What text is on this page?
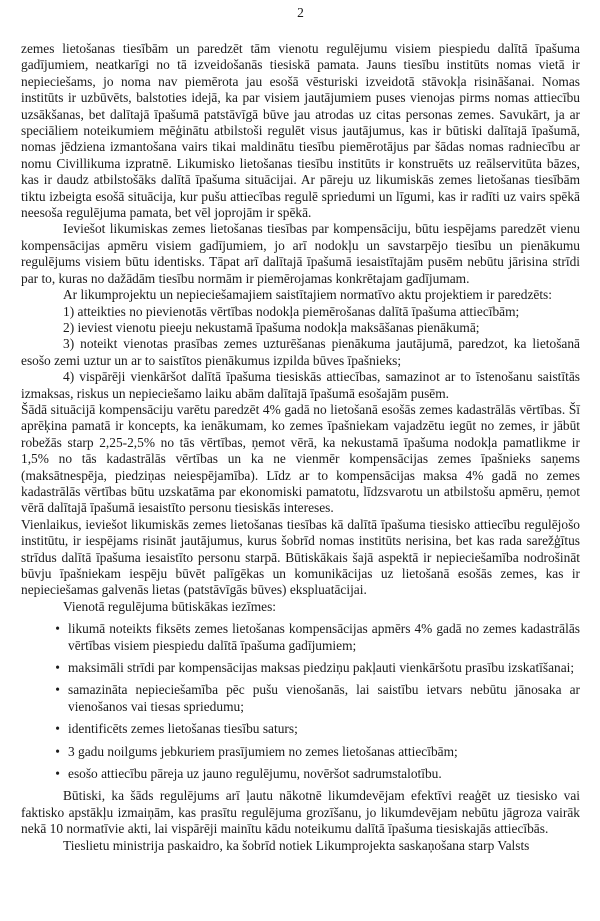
2

zemes lietošanas tiesībām un paredzēt tām vienotu regulējumu visiem piespiedu dalītā īpašuma gadījumiem, neatkarīgi no tā izveidošanās tiesiskā pamata. Jauns tiesību institūts nomas vietā ir nepieciešams, jo noma nav piemērota jau esošā vēsturiski izveidotā stāvokļa risināšanai. Nomas institūts ir uzbūvēts, balstoties idejā, ka par visiem jautājumiem puses vienojas pirms nomas attiecību uzsākšanas, bet dalītajā īpašumā patstāvīgā būve jau atrodas uz citas personas zemes. Savukārt, ja ar speciāliem noteikumiem mēģinātu atbilstoši regulēt visus jautājumus, kas ir būtiski dalītajā īpašumā, nomas jēdziena izmantošana vairs tikai maldinātu tiesību piemērotājus par šādas nomas radniecību ar nomu Civillikuma izpratnē. Likumisko lietošanas tiesību institūts ir konstruēts uz reālservitūta bāzes, kas ir daudz atbilstošāks dalītā īpašuma situācijai. Ar pāreju uz likumiskās zemes lietošanas tiesībām tiktu izbeigta esošā situācija, kur pušu attiecības regulē spriedumi un līgumi, kas ir radīti uz vairs spēkā neesoša regulējuma pamata, bet vēl joprojām ir spēkā.

Ieviešot likumiskas zemes lietošanas tiesības par kompensāciju, būtu iespējams paredzēt vienu kompensācijas apmēru visiem gadījumiem, jo arī nodokļu un savstarpējo tiesību un pienākumu regulējums visiem būtu identisks. Tāpat arī dalītajā īpašumā iesaistītajām pusēm nebūtu jārisina strīdi par to, kuras no dažādām tiesību normām ir piemērojamas konkrētajam gadījumam.

Ar likumprojektu un nepieciešamajiem saistītajiem normatīvo aktu projektiem ir paredzēts:

1) atteikties no pievienotās vērtības nodokļa piemērošanas dalītā īpašuma attiecībām;

2) ieviest vienotu pieeju nekustamā īpašuma nodokļa maksāšanas pienākumā;

3) noteikt vienotas prasības zemes uzturēšanas pienākuma jautājumā, paredzot, ka lietošanā esošo zemi uztur un ar to saistītos pienākumus izpilda būves īpašnieks;

4) vispārēji vienkāršot dalītā īpašuma tiesiskās attiecības, samazinot ar to īstenošanu saistītās izmaksas, riskus un nepieciešamo laiku abām dalītajā īpašumā esošajām pusēm.

Šādā situācijā kompensāciju varētu paredzēt 4% gadā no lietošanā esošās zemes kadastrālās vērtības. Šī aprēķina pamatā ir koncepts, ka ienākumam, ko zemes īpašniekam vajadzētu iegūt no zemes, ir jābūt robežās starp 2,25-2,5% no tās vērtības, ņemot vērā, ka nekustamā īpašuma nodokļa pamatlikme ir 1,5% no tās kadastrālās vērtības un ka ne vienmēr kompensācijas zemes īpašnieks saņems (maksātnespēja, piedziņas neiespējamība). Līdz ar to kompensācijas maksa 4% gadā no zemes kadastrālās vērtības būtu uzskatāma par ekonomiski pamatotu, līdzsvarotu un atbilstošu apmēru, ņemot vērā dalītajā īpašumā iesaistīto personu tiesiskās intereses.

Vienlaikus, ieviešot likumiskās zemes lietošanas tiesības kā dalītā īpašuma tiesisko attiecību regulējošo institūtu, ir iespējams risināt jautājumus, kurus šobrīd nomas institūts nerisina, bet kas rada sarežģītus strīdus dalītā īpašuma iesaistīto personu starpā. Būtiskākais šajā aspektā ir nepieciešamība nodrošināt būvju īpašniekam iespēju būvēt palīgēkas un komunikācijas uz lietošanā esošās zemes, kas ir nepieciešamas galvenās lietas (patstāvīgās būves) ekspluatācijai.

Vienotā regulējuma būtiskākas iezīmes:

• likumā noteikts fiksēts zemes lietošanas kompensācijas apmērs 4% gadā no zemes kadastrālās vērtības visiem piespiedu dalītā īpašuma gadījumiem;
• maksimāli strīdi par kompensācijas maksas piedziņu pakļauti vienkāršotu prasību izskatīšanai;
• samazināta nepieciešamība pēc pušu vienošanās, lai saistību ietvars nebūtu jānosaka ar vienošanos vai tiesas spriedumu;
• identificēts zemes lietošanas tiesību saturs;
• 3 gadu noilgums jebkuriem prasījumiem no zemes lietošanas attiecībām;
• esošo attiecību pāreja uz jauno regulējumu, novēršot sadrumstalotību.

Būtiski, ka šāds regulējums arī ļautu nākotnē likumdevējam efektīvi reaģēt uz tiesisko vai faktisko apstākļu izmaiņām, kas prasītu regulējuma grozīšanu, jo likumdevējam nebūtu jāgroza vairāk nekā 10 normatīvie akti, lai vispārēji mainītu kādu noteikumu dalītā īpašuma tiesiskajās attiecībās.

Tieslietu ministrija paskaidro, ka šobrīd notiek Likumprojekta saskaņošana starp Valsts
